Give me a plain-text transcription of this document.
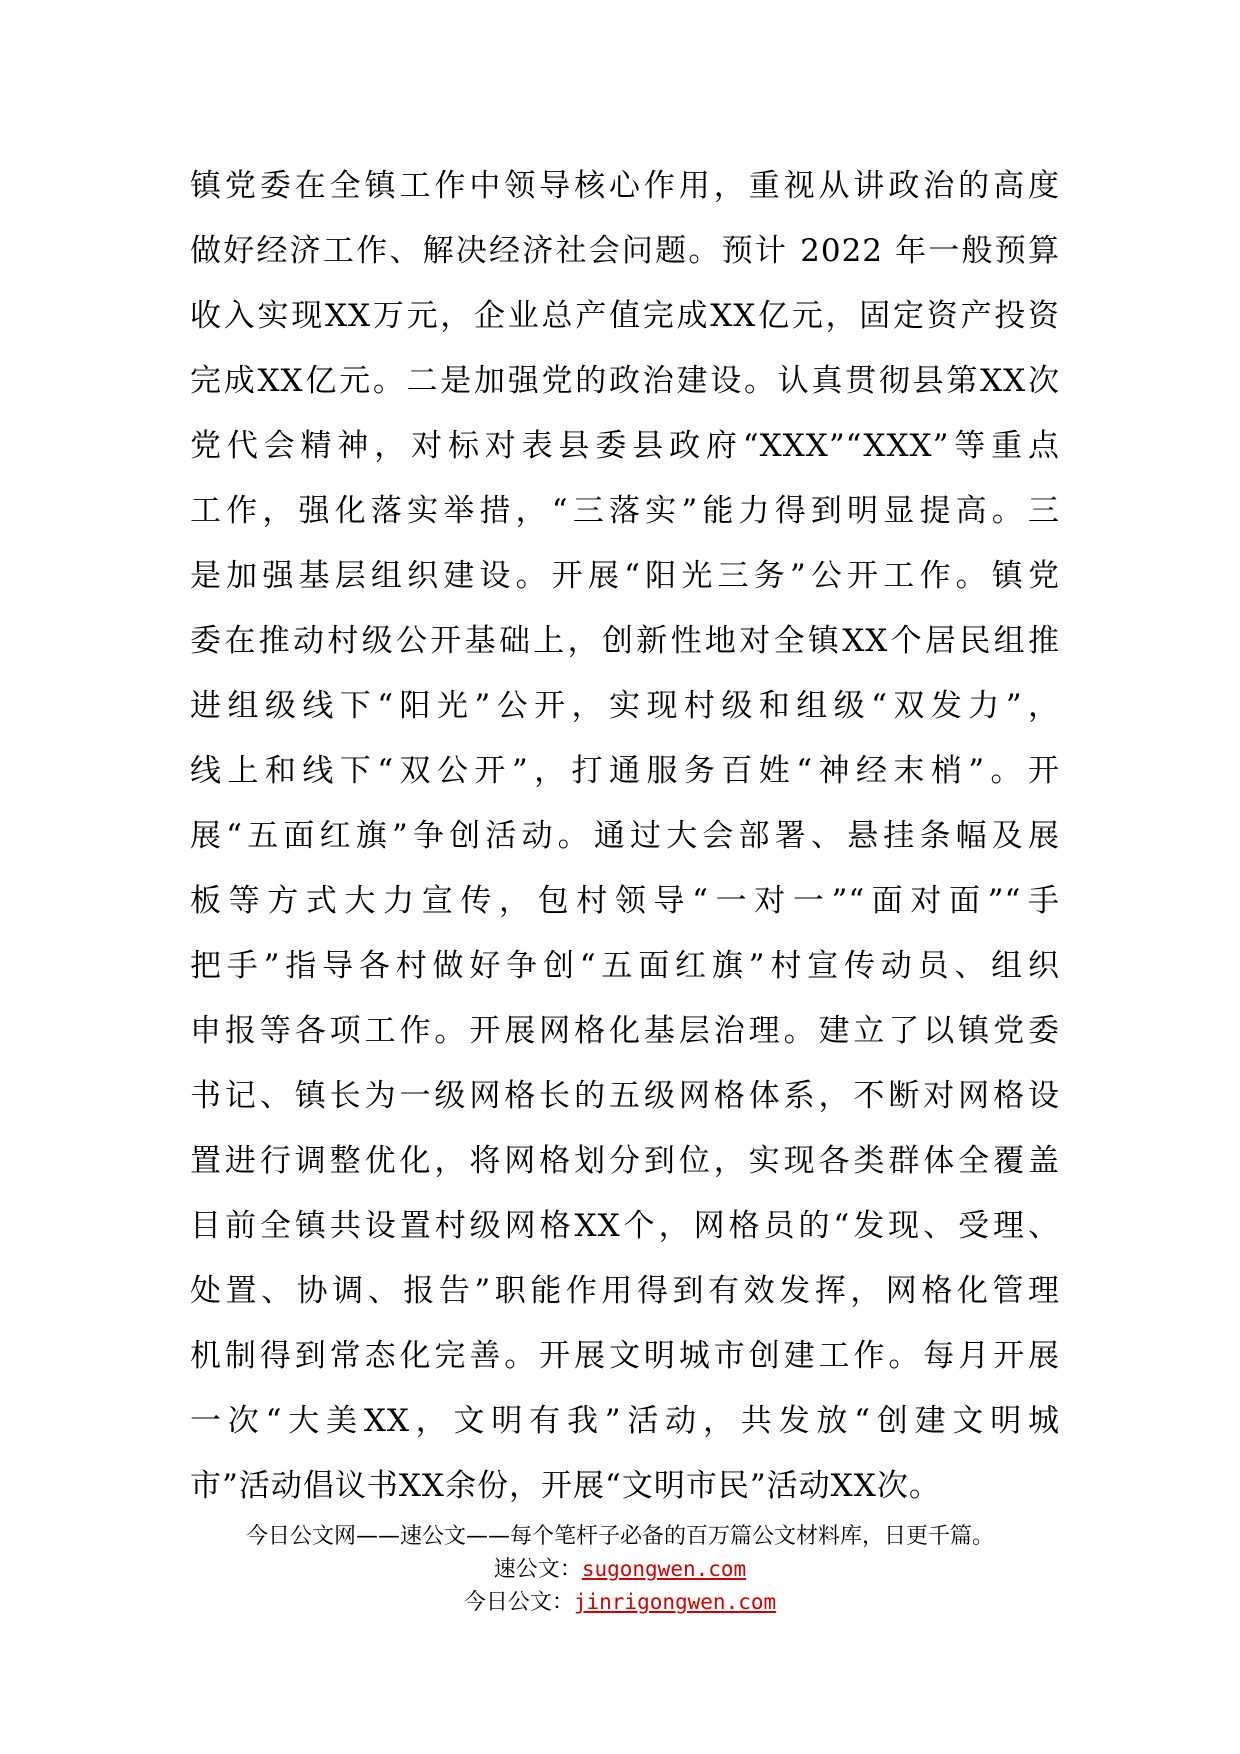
镇党委在全镇工作中领导核心作用，重视从讲政治的高度
做好经济工作、解决经济社会问题。预计 2022 年一般预算
收入实现XX万元，企业总产值完成XX亿元，固定资产投资
完成XX亿元。二是加强党的政治建设。认真贯彻县第XX次
党代会精神，对标对表县委县政府“XXX”“XXX”等重点
工作，强化落实举措，“三落实”能力得到明显提高。三
是加强基层组织建设。开展“阳光三务”公开工作。镇党
委在推动村级公开基础上，创新性地对全镇XX个居民组推
进组级线下“阳光”公开，实现村级和组级“双发力”，
线上和线下“双公开”，打通服务百姓“神经末梢”。开
展“五面红旗”争创活动。通过大会部署、悬挂条幅及展
板等方式大力宣传，包村领导“一对一”“面对面”“手
把手”指导各村做好争创“五面红旗”村宣传动员、组织
申报等各项工作。开展网格化基层治理。建立了以镇党委
书记、镇长为一级网格长的五级网格体系，不断对网格设
置进行调整优化，将网格划分到位，实现各类群体全覆盖
目前全镇共设置村级网格XX个，网格员的“发现、受理、
处置、协调、报告”职能作用得到有效发挥，网格化管理
机制得到常态化完善。开展文明城市创建工作。每月开展
一次“大美XX，文明有我”活动，共发放“创建文明城
市”活动倡议书XX余份，开展“文明市民”活动XX次。
今日公文网——速公文——每个笔杆子必备的百万篇公文材料库，日更千篇。
速公文：sugongwen.com
今日公文：jinrigongwen.com
